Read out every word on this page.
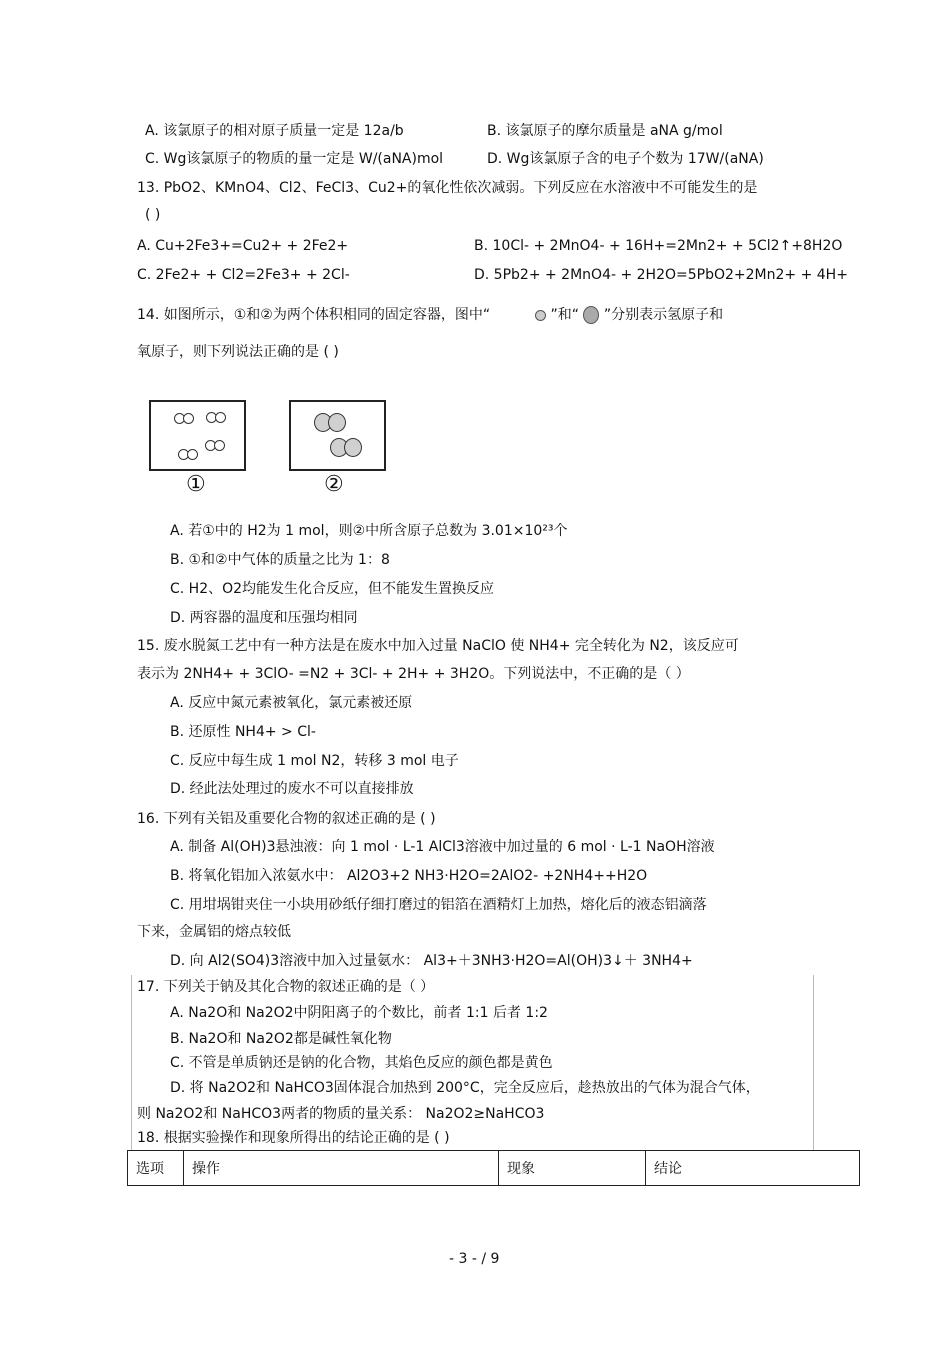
A. 该氯原子的相对原子质量一定是 12a/b	B. 该氯原子的摩尔质量是 aNA g/mol
C. Wg该氯原子的物质的量一定是 W/(aNA)mol	D. Wg该氯原子含的电子个数为 17W/(aNA)
13. PbO2、KMnO4、Cl2、FeCl3、Cu2+的氧化性依次减弱。下列反应在水溶液中不可能发生的是
( )
A. Cu+2Fe3+=Cu2+ + 2Fe2+	B. 10Cl- + 2MnO4- + 16H+=2Mn2+ + 5Cl2↑+8H2O
C. 2Fe2+ + Cl2=2Fe3+ + 2Cl-	D. 5Pb2+ + 2MnO4- + 2H2O=5PbO2+2Mn2+ + 4H+
14. 如图所示，①和②为两个体积相同的固定容器，图中“	”和“ ”分别表示氢原子和
氧原子，则下列说法正确的是 ( )
①	②
A. 若①中的 H2为 1 mol，则②中所含原子总数为 3.01×10²³个
B. ①和②中气体的质量之比为 1：8
C. H2、O2均能发生化合反应，但不能发生置换反应
D. 两容器的温度和压强均相同
15. 废水脱氮工艺中有一种方法是在废水中加入过量 NaClO 使 NH4+ 完全转化为 N2，该反应可
表示为 2NH4+ + 3ClO- =N2 + 3Cl- + 2H+ + 3H2O。下列说法中，不正确的是（ ）
A. 反应中氮元素被氧化，氯元素被还原
B. 还原性 NH4+ > Cl-
C. 反应中每生成 1 mol N2，转移 3 mol 电子
D. 经此法处理过的废水不可以直接排放
16. 下列有关铝及重要化合物的叙述正确的是 ( )
A. 制备 Al(OH)3悬浊液：向 1 mol · L-1 AlCl3溶液中加过量的 6 mol · L-1 NaOH溶液
B. 将氧化铝加入浓氨水中： Al2O3+2 NH3·H2O=2AlO2- +2NH4++H2O
C. 用坩埚钳夹住一小块用砂纸仔细打磨过的铝箔在酒精灯上加热，熔化后的液态铝滴落
下来，金属铝的熔点较低
D. 向 Al2(SO4)3溶液中加入过量氨水： Al3+＋3NH3·H2O=Al(OH)3↓＋ 3NH4+
17. 下列关于钠及其化合物的叙述正确的是（ ）
A. Na2O和 Na2O2中阴阳离子的个数比，前者 1:1 后者 1:2
B. Na2O和 Na2O2都是碱性氧化物
C. 不管是单质钠还是钠的化合物，其焰色反应的颜色都是黄色
D. 将 Na2O2和 NaHCO3固体混合加热到 200°C，完全反应后，趁热放出的气体为混合气体，
则 Na2O2和 NaHCO3两者的物质的量关系： Na2O2≥NaHCO3
18. 根据实验操作和现象所得出的结论正确的是 ( )
选项	操作	现象	结论
- 3 - / 9
